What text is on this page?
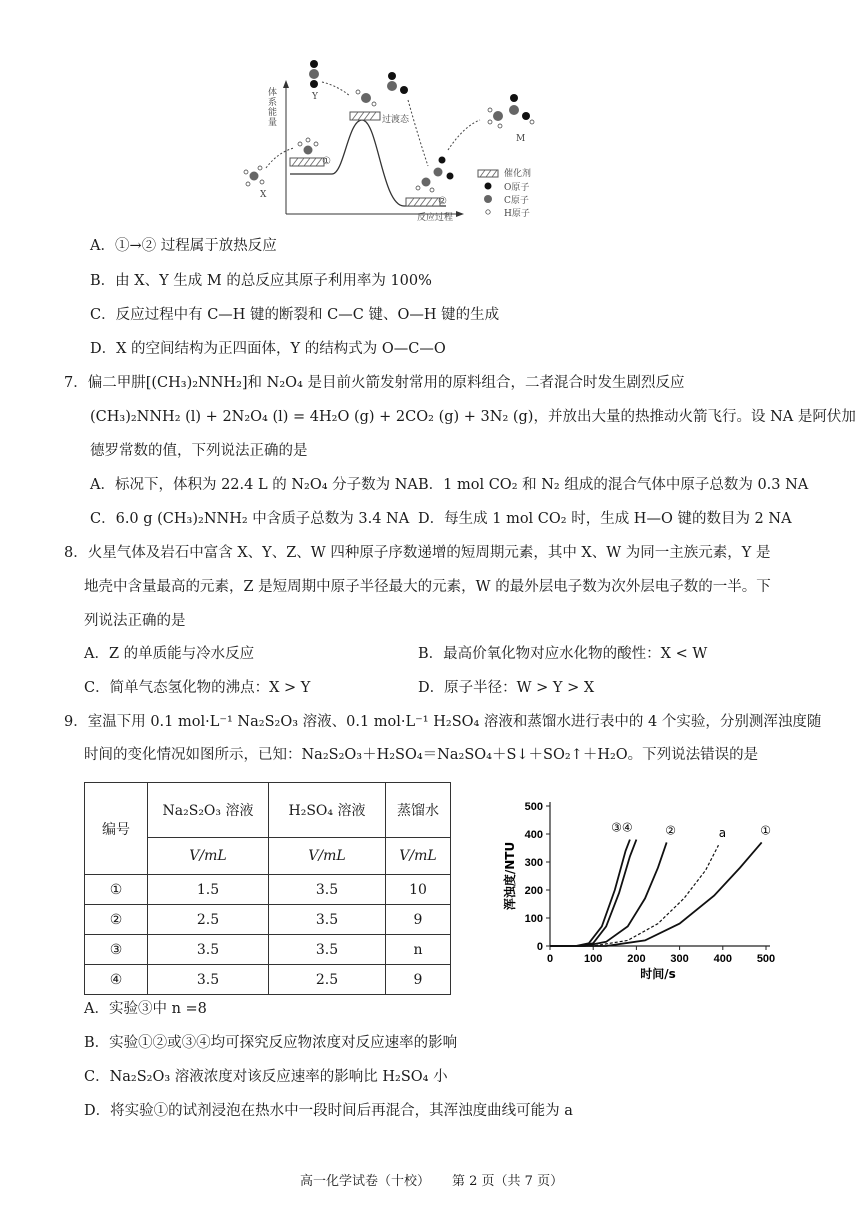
体系能量
反应过程
X
Y
M
过渡态
①
②
催化剂
O原子
C原子
H原子
A．①→② 过程属于放热反应
B．由 X、Y 生成 M 的总反应其原子利用率为 100%
C．反应过程中有 C—H 键的断裂和 C—C 键、O—H 键的生成
D．X 的空间结构为正四面体，Y 的结构式为 O—C—O
7．偏二甲肼[(CH₃)₂NNH₂]和 N₂O₄ 是目前火箭发射常用的原料组合，二者混合时发生剧烈反应
(CH₃)₂NNH₂ (l) + 2N₂O₄ (l) = 4H₂O (g) + 2CO₂ (g) + 3N₂ (g)，并放出大量的热推动火箭飞行。设 NA 是阿伏加
德罗常数的值，下列说法正确的是
A．标况下，体积为 22.4 L 的 N₂O₄ 分子数为 NA B．1 mol CO₂ 和 N₂ 组成的混合气体中原子总数为 0.3 NA
C．6.0 g (CH₃)₂NNH₂ 中含质子总数为 3.4 NA D．每生成 1 mol CO₂ 时，生成 H—O 键的数目为 2 NA
8．火星气体及岩石中富含 X、Y、Z、W 四种原子序数递增的短周期元素，其中 X、W 为同一主族元素，Y 是
地壳中含量最高的元素，Z 是短周期中原子半径最大的元素，W 的最外层电子数为次外层电子数的一半。下
列说法正确的是
A．Z 的单质能与冷水反应	B．最高价氧化物对应水化物的酸性：X < W
C．简单气态氢化物的沸点：X > Y	D．原子半径：W > Y > X
9．室温下用 0.1 mol·L⁻¹ Na₂S₂O₃ 溶液、0.1 mol·L⁻¹ H₂SO₄ 溶液和蒸馏水进行表中的 4 个实验，分别测浑浊度随
时间的变化情况如图所示，已知：Na₂S₂O₃＋H₂SO₄＝Na₂SO₄＋S↓＋SO₂↑＋H₂O。下列说法错误的是
编号	Na₂S₂O₃ 溶液	H₂SO₄ 溶液	蒸馏水
	V/mL	V/mL	V/mL
①	1.5	3.5	10
②	2.5	3.5	9
③	3.5	3.5	n
④	3.5	2.5	9
0
100
200
300
400
500
0	100 200 300 400 500
时间/s
浑浊度/NTU
③④	②	a	①
A．实验③中 n =8
B．实验①②或③④均可探究反应物浓度对反应速率的影响
C．Na₂S₂O₃ 溶液浓度对该反应速率的影响比 H₂SO₄ 小
D．将实验①的试剂浸泡在热水中一段时间后再混合，其浑浊度曲线可能为 a
高一化学试卷（十校） 第 2 页（共 7 页）
